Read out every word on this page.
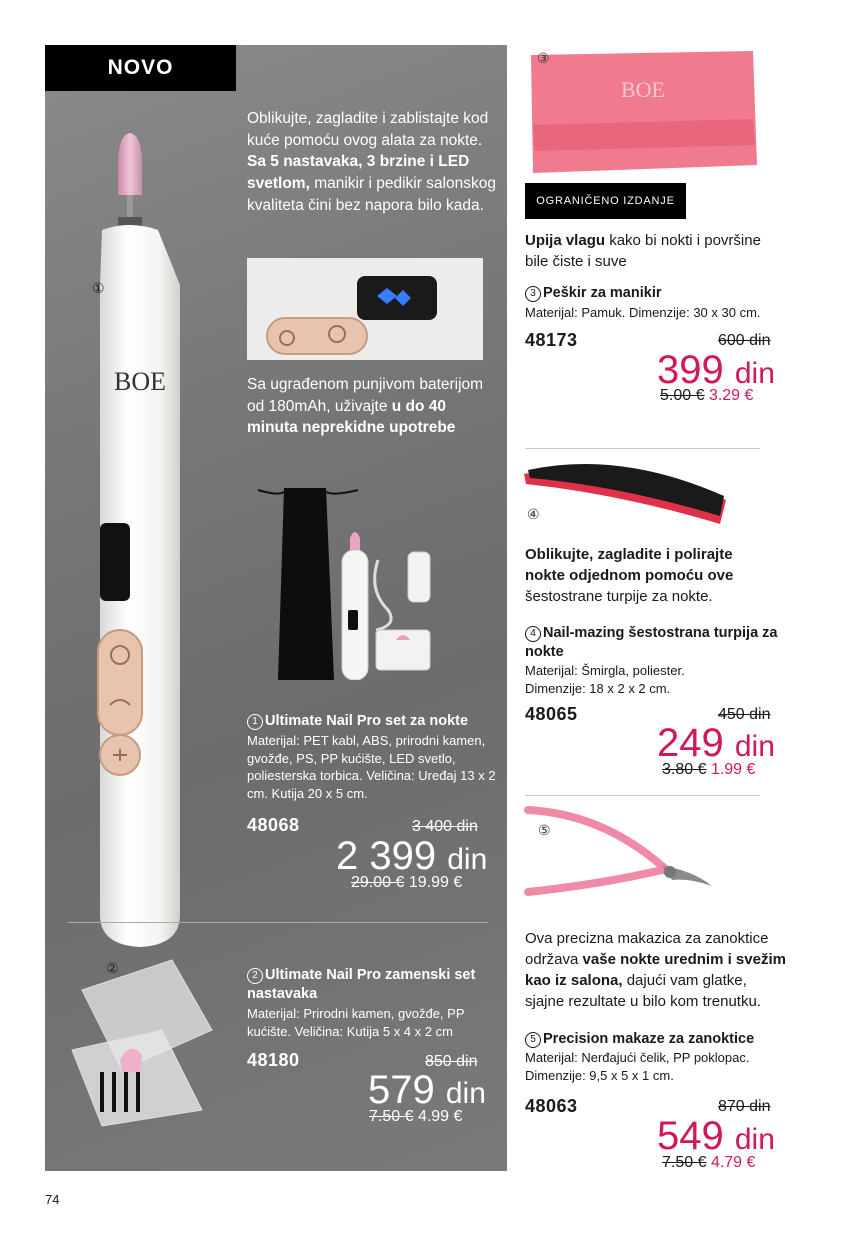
BOE
①
NOVO
Oblikujte, zagladite i zablistajte kod kuće pomoću ovog alata za nokte. Sa 5 nastavaka, 3 brzine i LED svetlom, manikir i pedikir salonskog kvaliteta čini bez napora bilo kada.
Sa ugrađenom punjivom baterijom od 180mAh, uživajte u do 40 minuta neprekidne upotrebe
1 Ultimate Nail Pro set za nokte
Materijal: PET kabl, ABS, prirodni kamen, gvožđe, PS, PP kućište, LED svetlo, poliesterska torbica. Veličina: Uređaj 13 x 2 cm. Kutija 20 x 5 cm.
48068	3 400 din
2 399 din
29.00 € 19.99 €
②	2 Ultimate Nail Pro zamenski set nastavaka
Materijal: Prirodni kamen, gvožđe, PP kućište. Veličina: Kutija 5 x 4 x 2 cm
48180	850 din
579 din
7.50 € 4.99 €
BOE
③
OGRANIČENO IZDANJE
Upija vlagu kako bi nokti i površine bile čiste i suve
3 Peškir za manikir
Materijal: Pamuk. Dimenzije: 30 x 30 cm.
48173	600 din
399 din
5.00 € 3.29 €
④
Oblikujte, zagladite i polirajte nokte odjednom pomoću ove šestostrane turpije za nokte.
4 Nail-mazing šestostrana turpija za nokte
Materijal: Šmirgla, poliester. Dimenzije: 18 x 2 x 2 cm.
48065	450 din
249 din
3.80 € 1.99 €
⑤
Ova precizna makazica za zanoktice održava vaše nokte urednim i svežim kao iz salona, dajući vam glatke, sjajne rezultate u bilo kom trenutku.
5 Precision makaze za zanoktice
Materijal: Nerđajući čelik, PP poklopac. Dimenzije: 9,5 x 5 x 1 cm.
48063	870 din
549 din
7.50 € 4.79 €
74
